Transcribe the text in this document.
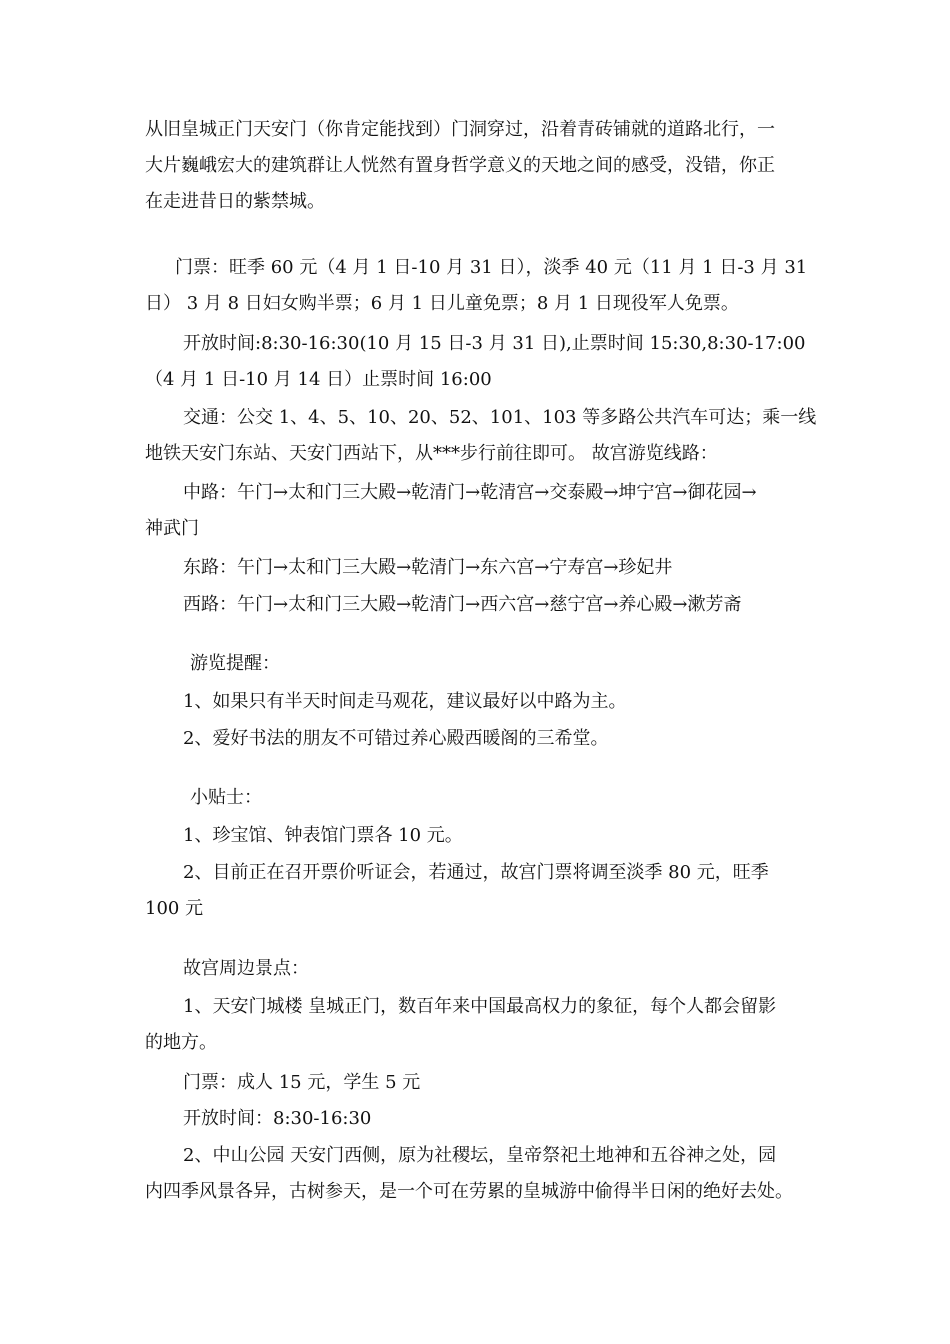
从旧皇城正门天安门（你肯定能找到）门洞穿过，沿着青砖铺就的道路北行，一
大片巍峨宏大的建筑群让人恍然有置身哲学意义的天地之间的感受，没错，你正
在走进昔日的紫禁城。
门票：旺季 60 元（4 月 1 日-10 月 31 日），淡季 40 元（11 月 1 日-3 月 31
日） 3 月 8 日妇女购半票；6 月 1 日儿童免票；8 月 1 日现役军人免票。
开放时间:8:30-16:30(10 月 15 日-3 月 31 日),止票时间 15:30,8:30-17:00
（4 月 1 日-10 月 14 日）止票时间 16:00
交通：公交 1、4、5、10、20、52、101、103 等多路公共汽车可达；乘一线
地铁天安门东站、天安门西站下，从***步行前往即可。 故宫游览线路：
中路：午门→太和门三大殿→乾清门→乾清宫→交泰殿→坤宁宫→御花园→
神武门
东路：午门→太和门三大殿→乾清门→东六宫→宁寿宫→珍妃井
西路：午门→太和门三大殿→乾清门→西六宫→慈宁宫→养心殿→漱芳斋
游览提醒：
1、如果只有半天时间走马观花，建议最好以中路为主。
2、爱好书法的朋友不可错过养心殿西暖阁的三希堂。
小贴士：
1、珍宝馆、钟表馆门票各 10 元。
2、目前正在召开票价听证会，若通过，故宫门票将调至淡季 80 元，旺季
100 元
故宫周边景点：
1、天安门城楼 皇城正门，数百年来中国最高权力的象征，每个人都会留影
的地方。
门票：成人 15 元，学生 5 元
开放时间：8:30-16:30
2、中山公园 天安门西侧，原为社稷坛，皇帝祭祀土地神和五谷神之处，园
内四季风景各异，古树参天，是一个可在劳累的皇城游中偷得半日闲的绝好去处。
